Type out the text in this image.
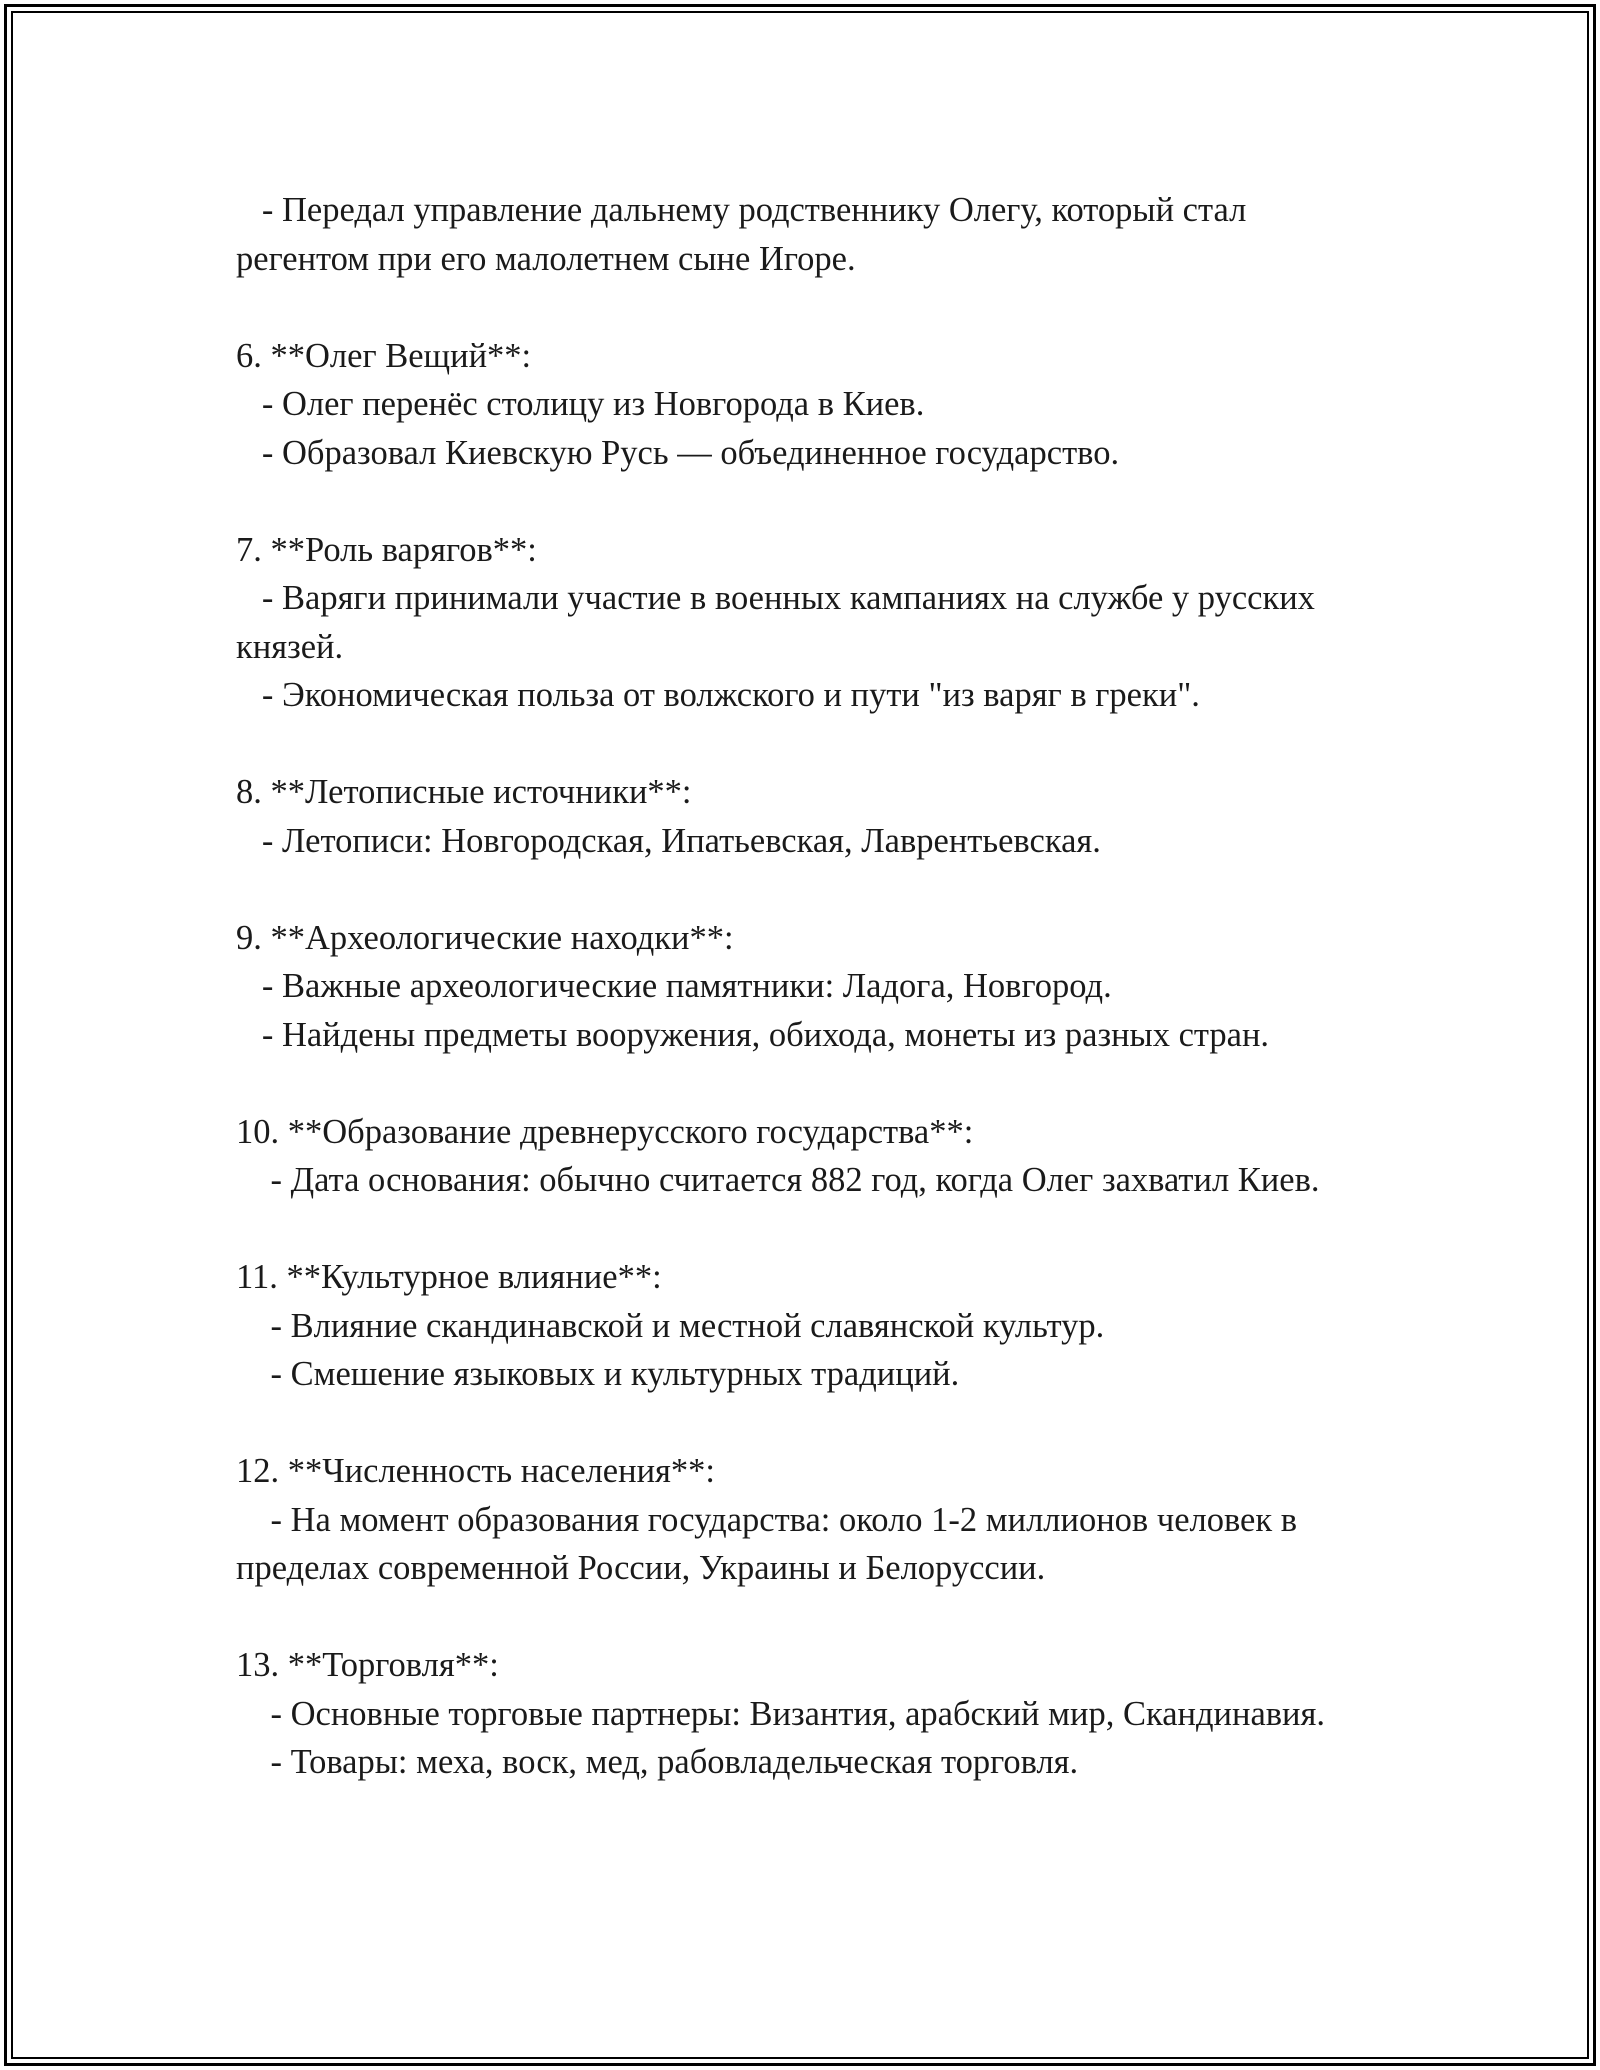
- Передал управление дальнему родственнику Олегу, который стал регентом при его малолетнем сыне Игоре.

6. **Олег Вещий**:

- Олег перенёс столицу из Новгорода в Киев.

- Образовал Киевскую Русь — объединенное государство.

7. **Роль варягов**:

- Варяги принимали участие в военных кампаниях на службе у русских князей.

- Экономическая польза от волжского и пути "из варяг в греки".

8. **Летописные источники**:

- Летописи: Новгородская, Ипатьевская, Лаврентьевская.

9. **Археологические находки**:

- Важные археологические памятники: Ладога, Новгород.

- Найдены предметы вооружения, обихода, монеты из разных стран.

10. **Образование древнерусского государства**:

- Дата основания: обычно считается 882 год, когда Олег захватил Киев.

11. **Культурное влияние**:

- Влияние скандинавской и местной славянской культур.

- Смешение языковых и культурных традиций.

12. **Численность населения**:

- На момент образования государства: около 1-2 миллионов человек в пределах современной России, Украины и Белоруссии.

13. **Торговля**:

- Основные торговые партнеры: Византия, арабский мир, Скандинавия.

- Товары: меха, воск, мед, рабовладельческая торговля.
